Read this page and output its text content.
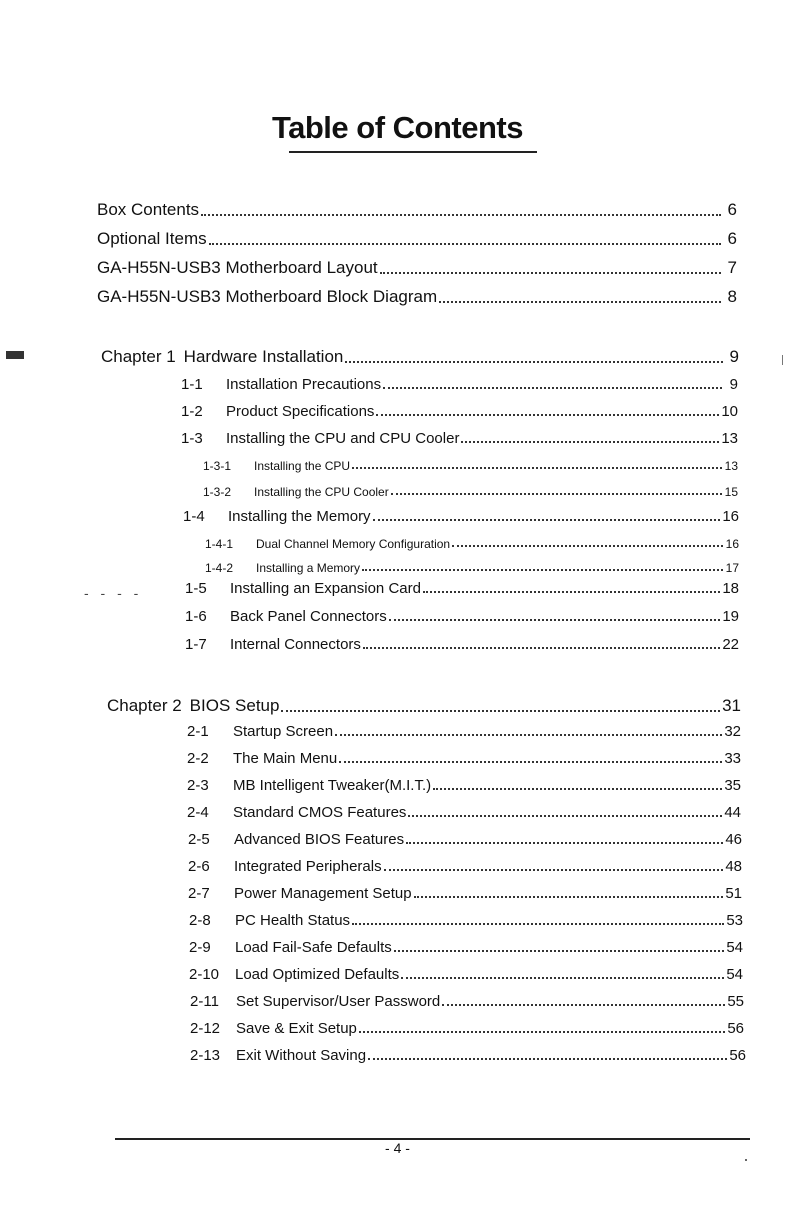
Table of Contents
- - - -
Box Contents	6
Optional Items	6
GA-H55N-USB3 Motherboard Layout	7
GA-H55N-USB3 Motherboard Block Diagram	8
Chapter 1 Hardware Installation	9
1-1	Installation Precautions	9
1-2	Product Specifications	10
1-3	Installing the CPU and CPU Cooler	13
1-3-1	Installing the CPU	13
1-3-2	Installing the CPU Cooler	15
1-4	Installing the Memory	16
1-4-1	Dual Channel Memory Configuration	16
1-4-2	Installing a Memory	17
1-5	Installing an Expansion Card	18
1-6	Back Panel Connectors	19
1-7	Internal Connectors	22
Chapter 2 BIOS Setup	31
2-1	Startup Screen	32
2-2	The Main Menu	33
2-3	MB Intelligent Tweaker(M.I.T.)	35
2-4	Standard CMOS Features	44
2-5	Advanced BIOS Features	46
2-6	Integrated Peripherals	48
2-7	Power Management Setup	51
2-8	PC Health Status	53
2-9	Load Fail-Safe Defaults	54
2-10	Load Optimized Defaults	54
2-11	Set Supervisor/User Password	55
2-12	Save & Exit Setup	56
2-13	Exit Without Saving	56
- 4 -
